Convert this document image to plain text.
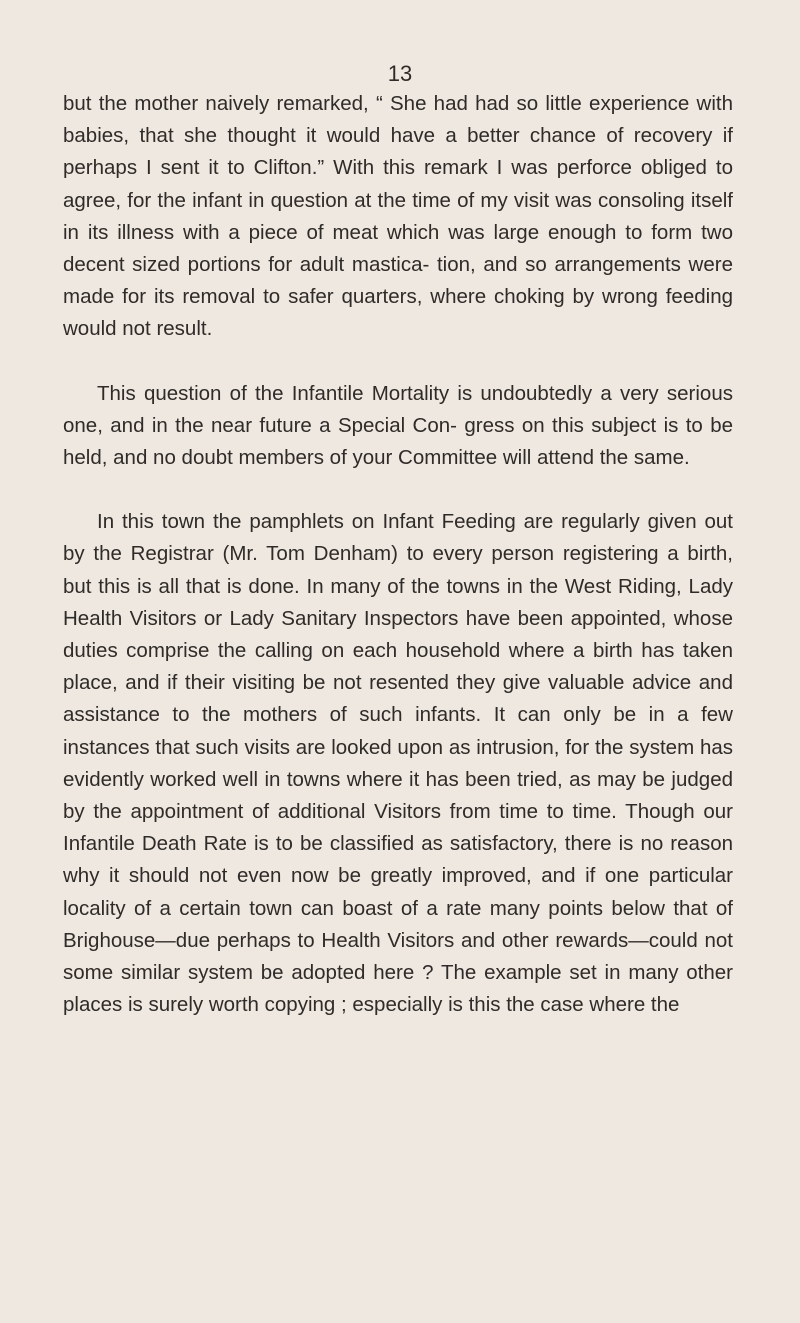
13

but the mother naively remarked, “ She had had so little experience with babies, that she thought it would have a better chance of recovery if perhaps I sent it to Clifton.” With this remark I was perforce obliged to agree, for the infant in question at the time of my visit was consoling itself in its illness with a piece of meat which was large enough to form two decent sized portions for adult mastica- tion, and so arrangements were made for its removal to safer quarters, where choking by wrong feeding would not result.

This question of the Infantile Mortality is undoubtedly a very serious one, and in the near future a Special Con- gress on this subject is to be held, and no doubt members of your Committee will attend the same.

In this town the pamphlets on Infant Feeding are regularly given out by the Registrar (Mr. Tom Denham) to every person registering a birth, but this is all that is done. In many of the towns in the West Riding, Lady Health Visitors or Lady Sanitary Inspectors have been appointed, whose duties comprise the calling on each household where a birth has taken place, and if their visiting be not resented they give valuable advice and assistance to the mothers of such infants. It can only be in a few instances that such visits are looked upon as intrusion, for the system has evidently worked well in towns where it has been tried, as may be judged by the appointment of additional Visitors from time to time. Though our Infantile Death Rate is to be classified as satisfactory, there is no reason why it should not even now be greatly improved, and if one particular locality of a certain town can boast of a rate many points below that of Brighouse—due perhaps to Health Visitors and other rewards—could not some similar system be adopted here ? The example set in many other places is surely worth copying ; especially is this the case where the
